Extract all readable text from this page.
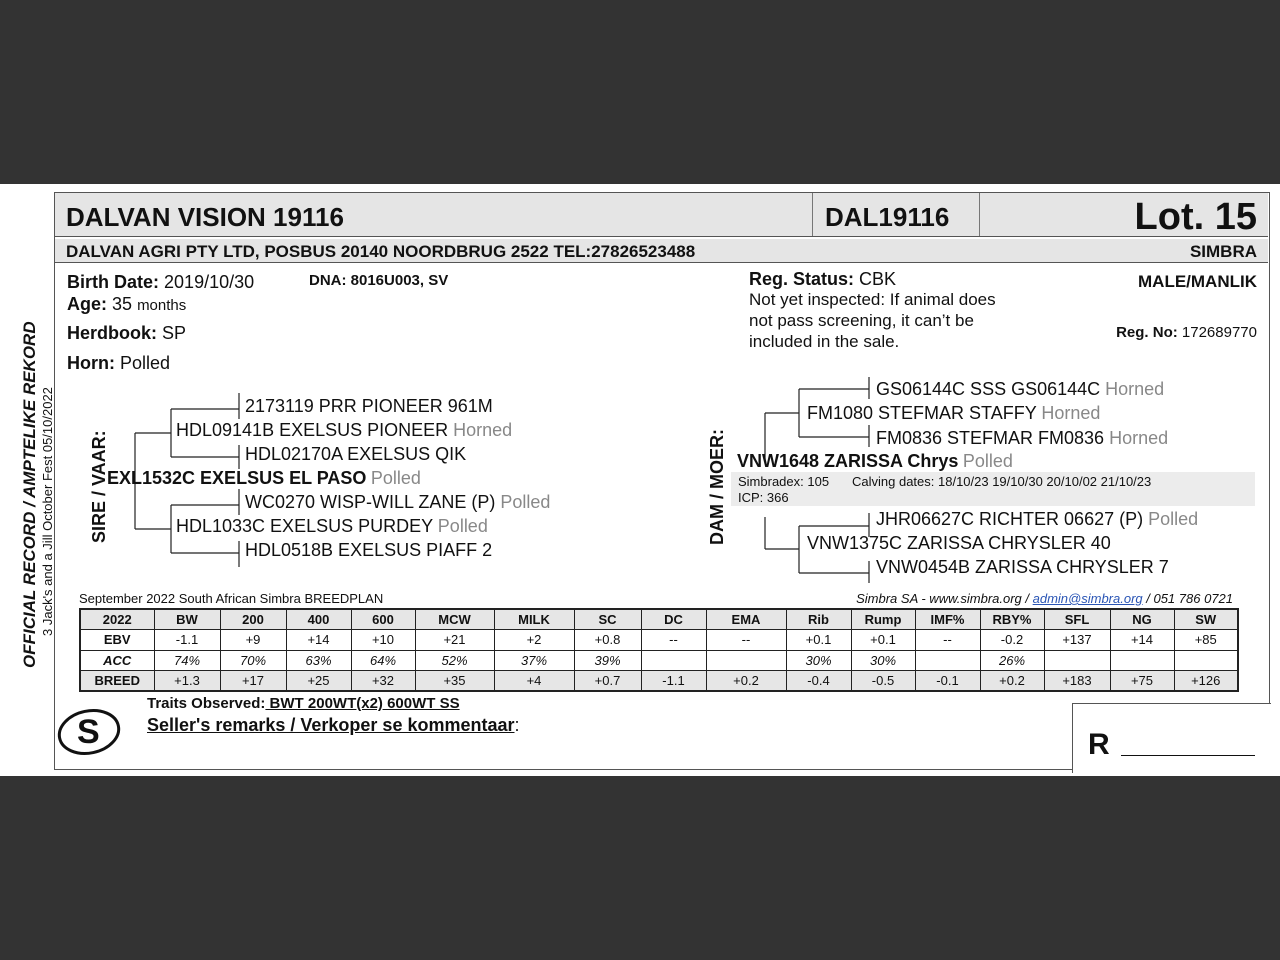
DALVAN VISION 19116	DAL19116	Lot. 15
DALVAN AGRI PTY LTD, POSBUS 20140 NOORDBRUG 2522 TEL:27826523488	SIMBRA
Birth Date: 2019/10/30	DNA: 8016U003, SV
Age: 35 months
Herdbook: SP
Horn: Polled
Reg. Status: CBK
Not yet inspected: If animal does
not pass screening, it can’t be
included in the sale.
MALE/MANLIK
Reg. No: 172689770
SIRE / VAAR:
2173119 PRR PIONEER 961M
HDL09141B EXELSUS PIONEER Horned
HDL02170A EXELSUS QIK
EXL1532C EXELSUS EL PASO Polled
WC0270 WISP-WILL ZANE (P) Polled
HDL1033C EXELSUS PURDEY Polled
HDL0518B EXELSUS PIAFF 2
DAM / MOER:
GS06144C SSS GS06144C Horned
FM1080 STEFMAR STAFFY Horned
FM0836 STEFMAR FM0836 Horned
VNW1648 ZARISSA Chrys Polled
Simbradex: 105 Calving dates: 18/10/23 19/10/30 20/10/02 21/10/23
ICP: 366
JHR06627C RICHTER 06627 (P) Polled
VNW1375C ZARISSA CHRYSLER 40
VNW0454B ZARISSA CHRYSLER 7
September 2022 South African Simbra BREEDPLAN	Simbra SA - www.simbra.org / admin@simbra.org / 051 786 0721
2022	BW	200	400	600	MCW	MILK	SC	DC	EMA	Rib	Rump	IMF%	RBY%	SFL	NG	SW
EBV	-1.1	+9	+14	+10	+21	+2	+0.8	--	--	+0.1	+0.1	--	-0.2	+137	+14	+85
ACC	74%	70%	63%	64%	52%	37%	39%			30%	30%		26%			
BREED	+1.3	+17	+25	+32	+35	+4	+0.7	-1.1	+0.2	-0.4	-0.5	-0.1	+0.2	+183	+75	+126
S
Traits Observed: BWT 200WT(x2) 600WT SS
Seller's remarks / Verkoper se kommentaar:
R
OFFICIAL RECORD / AMPTELIKE REKORD 3 Jack's and a Jill October Fest 05/10/2022
